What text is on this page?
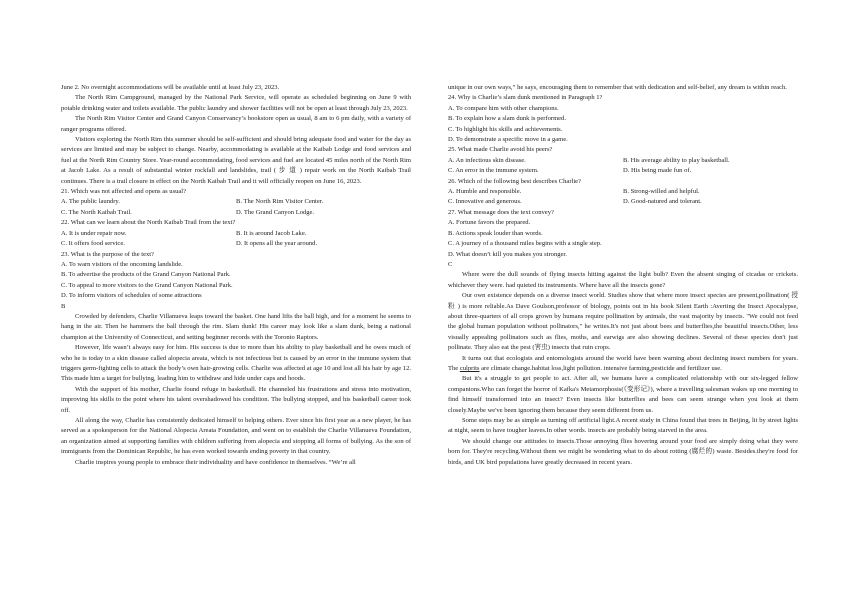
June 2. No overnight accommodations will be available until at least July 23, 2023.

The North Rim Campground, managed by the National Park Service, will operate as scheduled beginning on June 9 with potable drinking water and toilets available. The public laundry and shower facilities will not be open at least through July 23, 2023.

The North Rim Visitor Center and Grand Canyon Conservancy’s bookstore open as usual, 8 am to 6 pm daily, with a variety of ranger programs offered.

Visitors exploring the North Rim this summer should be self-sufficient and should bring adequate food and water for the day as services are limited and may be subject to change. Nearby, accommodating is available at the Kaibab Lodge and food services and fuel at the North Rim Country Store. Year-round accommodating, food services and fuel are located 45 miles north of the North Rim at Jacob Lake. As a result of substantial winter rockfall and landslides, trail ( 步 道 ) repair work on the North Kaibab Trail continues. There is a trail closure in effect on the North Kaibab Trail and it will officially reopen on June 16, 2023.

21. Which was not affected and opens as usual?

A. The public laundry.	B. The North Rim Visitor Center.
C. The North Kaibab Trail.	D. The Grand Canyon Lodge.

22. What can we learn about the North Kaibab Trail from the text?

A. It is under repair now.	B. It is around Jacob Lake.
C. It offers food service.	D. It opens all the year around.

23. What is the purpose of the text?

A. To warn visitors of the oncoming landslide.

B. To advertise the products of the Grand Canyon National Park.

C. To appeal to more visitors to the Grand Canyon National Park.

D. To inform visitors of schedules of some attractions

B

Crowded by defenders, Charlie Villanueva leaps toward the basket. One hand lifts the ball high, and for a moment he seems to hang in the air. Then he hammers the ball through the rim. Slam dunk! His career may look like a slam dunk, being a national champion at the University of Connecticut, and setting beginner records with the Toronto Raptors.

However, life wasn’t always easy for him. His success is due to more than his ability to play basketball and he owes much of who he is today to a skin disease called alopecia areata, which is not infectious but is caused by an error in the immune system that triggers germ-fighting cells to attack the body’s own hair-growing cells. Charlie was affected at age 10 and lost all his hair by age 12. This made him a target for bullying, leading him to withdraw and hide under caps and hoods.

With the support of his mother, Charlie found refuge in basketball. He channeled his frustrations and stress into motivation, improving his skills to the point where his talent overshadowed his condition. The bullying stopped, and his basketball career took off.

All along the way, Charlie has consistently dedicated himself to helping others. Ever since his first year as a new player, he has served as a spokesperson for the National Alopecia Areata Foundation, and went on to establish the Charlie Villanueva Foundation, an organization aimed at supporting families with children suffering from alopecia and stopping all forms of bullying. As the son of immigrants from the Dominican Republic, he has even worked towards ending poverty in that country.

Charlie inspires young people to embrace their individuality and have confidence in themselves. “We’re all

unique in our own ways,” he says, encouraging them to remember that with dedication and self-belief, any dream is within reach.

24. Why is Charlie’s slam dunk mentioned in Paragraph 1?

A. To compare him with other champions.

B. To explain how a slam dunk is performed.

C. To highlight his skills and achievements.

D. To demonstrate a specific move in a game.

25. What made Charlie avoid his peers?

A. An infectious skin disease.	B. His average ability to play basketball.
C. An error in the immune system.	D. His being made fun of.

26. Which of the following best describes Charlie?

A. Humble and responsible.	B. Strong-willed and helpful.
C. Innovative and generous.	D. Good-natured and tolerant.

27. What message does the text convey?

A. Fortune favors the prepared.

B. Actions speak louder than words.

C. A journey of a thousand miles begins with a single step.

D. What doesn’t kill you makes you stronger.

C

Where were the dull sounds of flying insects hitting against the light bulb? Even the absent singing of cicadas or crickets. whichever they were. had quieted its instruments. Where have all the insects gone?

Our own existence depends on a diverse insect world. Studies show that where more insect species are present,pollination( 授 粉 ) is more reliable.As Dave Goulson,professor of biology, points out in his book Silent Earth :Averting the Insect Apocalypse, about three-quarters of all crops grown by humans require pollination by animals, the vast majority by insects. "We could not feed the global human population without pollinators," he writes.It's not just about bees and butterflies,the beautiful insects.Other, less visually appealing pollinators such as flies, moths, and earwigs are also showing declines. Several of these species don't just pollinate. They also eat the pest (害虫) insects that ruin crops.

It turns out that ecologists and entomologists around the world have been warning about declining insect numbers for years. The culprits are climate change.habitat loss,light pollution. intensive farming,pesticide and fertilizer use.

But it's a struggle to get people to act. After all, we humans have a complicated relationship with our six-legged fellow companions.Who can forget the horror of Kafka's Metamorphosis(《变形记》), where a travelling salesman wakes up one morning to find himself transformed into an insect? Even insects like butterflies and bees can seem strange when you look at them closely.Maybe we've been ignoring them because they seem different from us.

Some steps may be as simple as turning off artificial light.A recent study in China found that trees in Beijing, lit by street lights at night, seem to have tougher leaves.In other words. insects are probably being starved in the area.

We should change our attitudes to insects.Those annoying flies hovering around your food are simply doing what they were born for. They're recycling.Without them we might be wondering what to do about rotting (腐烂的) waste. Besides.they're food for birds, and UK bird populations have greatly decreased in recent years.
